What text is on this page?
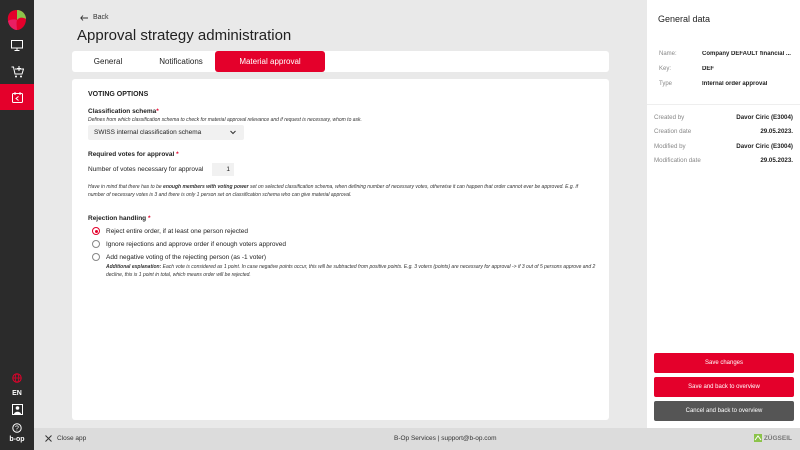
EN
?
b-op
Back
Approval strategy administration
General	Notifications	Material approval
VOTING OPTIONS
Classification schema*
Defines from which classification schema to check for material approval relevance and if request is necessary, whom to ask.
SWISS internal classification schema
Required votes for approval *
Number of votes necessary for approval
1
Have in mind that there has to be enough members with voting power set on selected classification schema, when defining number of necessary votes, otherwise it can happen that order cannot ever be approved. E.g. if number of necessary votes is 3 and there is only 1 person set on classification schema who can give material approval.
Rejection handling *
Reject entire order, if at least one person rejected
Ignore rejections and approve order if enough voters approved
Add negative voting of the rejecting person (as -1 voter)
Additional explanation: Each vote is considered as 1 point. In case negative points occur, this will be subtracted from positive points. E.g. 3 voters (points) are necessary for approval -> if 3 out of 5 persons approve and 2 decline, this is 1 point in total, which means order will be rejected.
General data
Name:	Company DEFAULT financial ...
Key:	DEF
Type	Internal order approval
Created by	Davor Ciric (E3004)
Creation date	29.05.2023.
Modified by	Davor Ciric (E3004)
Modification date	29.05.2023.
Save changes
Save and back to overview
Cancel and back to overview
Close app	B-Op Services | support@b-op.com	ZÜGSEIL
